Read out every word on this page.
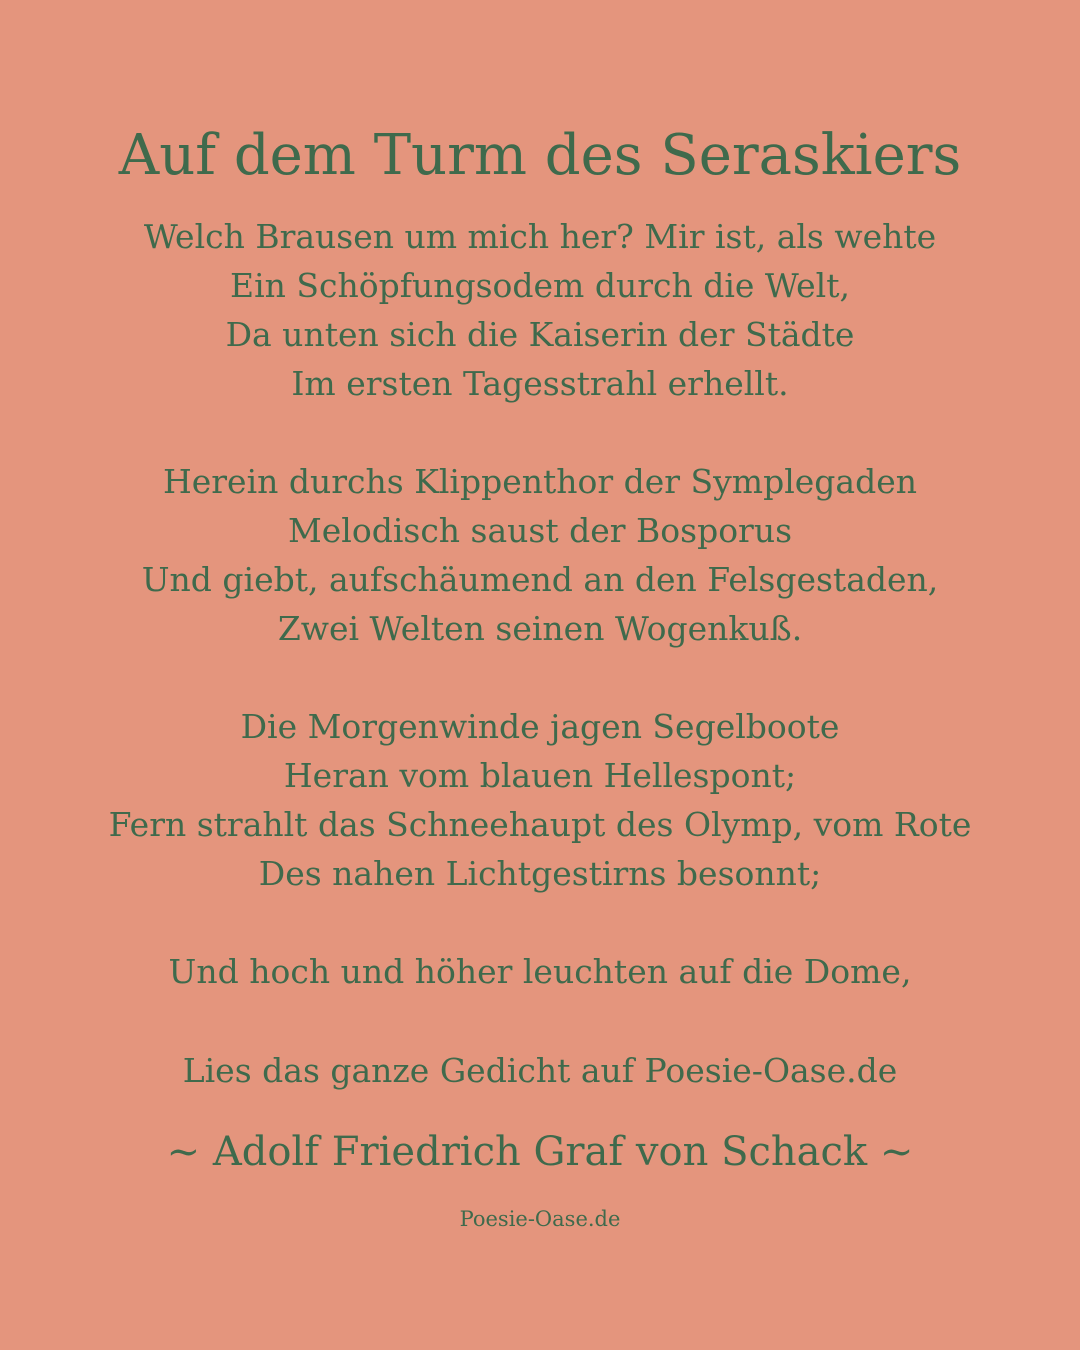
Auf dem Turm des Seraskiers
Welch Brausen um mich her? Mir ist, als wehte
Ein Schöpfungsodem durch die Welt,
Da unten sich die Kaiserin der Städte
Im ersten Tagesstrahl erhellt.
Herein durchs Klippenthor der Symplegaden
Melodisch saust der Bosporus
Und giebt, aufschäumend an den Felsgestaden,
Zwei Welten seinen Wogenkuß.
Die Morgenwinde jagen Segelboote
Heran vom blauen Hellespont;
Fern strahlt das Schneehaupt des Olymp, vom Rote
Des nahen Lichtgestirns besonnt;
Und hoch und höher leuchten auf die Dome,
Lies das ganze Gedicht auf Poesie-Oase.de
~ Adolf Friedrich Graf von Schack ~
Poesie-Oase.de
